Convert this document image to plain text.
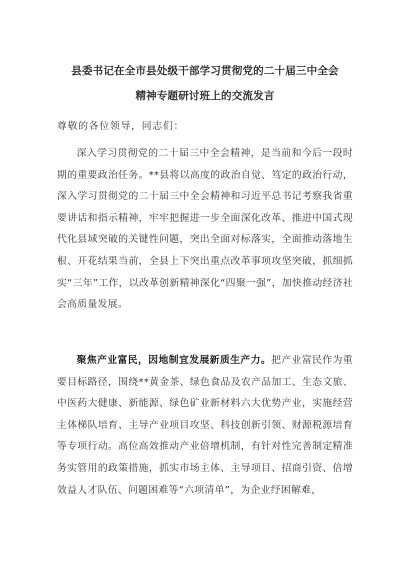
县委书记在全市县处级干部学习贯彻党的二十届三中全会
精神专题研讨班上的交流发言
尊敬的各位领导，同志们：

深入学习贯彻党的二十届三中全会精神，是当前和今后一段时期的重要政治任务。**县将以高度的政治自觉、笃定的政治行动，深入学习贯彻党的二十届三中全会精神和习近平总书记考察我省重要讲话和指示精神，牢牢把握进一步全面深化改革、推进中国式现代化县域突破的关键性问题，突出全面对标落实，全面推动落地生根、开花结果当前，全县上下突出重点改革事项攻坚突破，抓细抓实“三年”工作，以改革创新精神深化“四聚一强”，加快推动经济社会高质量发展。

聚焦产业富民，因地制宜发展新质生产力。把产业富民作为重要目标路径，围绕**黄金茶、绿色食品及农产品加工、生态文旅、中医药大健康、新能源、绿色矿业新材料六大优势产业，实施经营主体梯队培育、主导产业项目攻坚、科技创新引领、财源税源培育等专项行动。高位高效推动产业倍增机制，有针对性完善制定精准务实管用的政策措施，抓实市场主体、主导项目、招商引资、倍增效益人才队伍、问题困难等“六项清单”，为企业纾困解难，
